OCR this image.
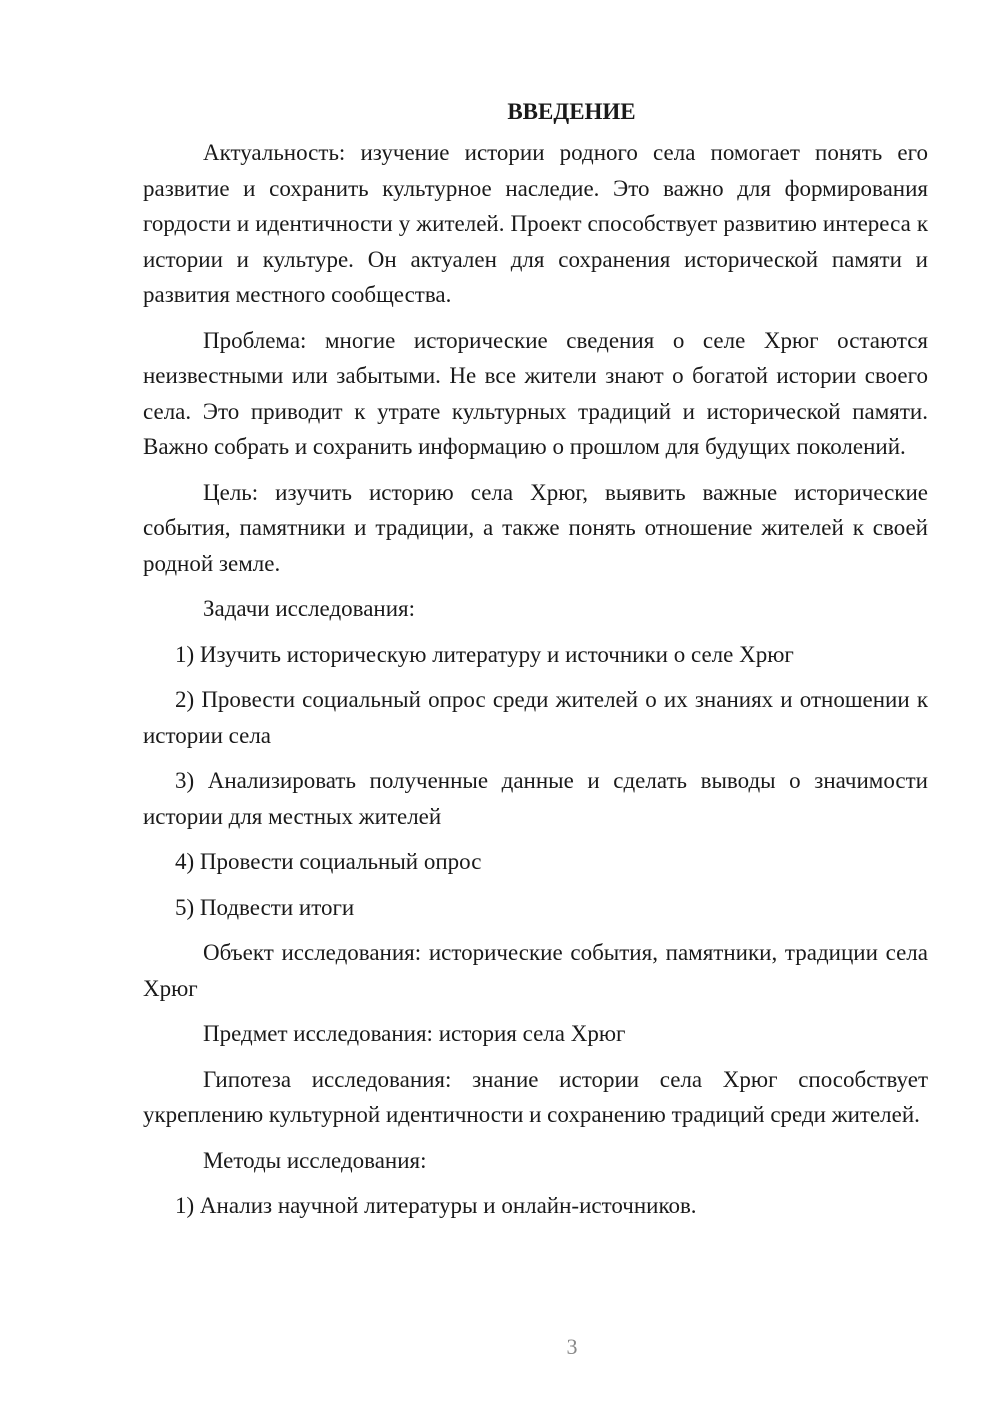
ВВЕДЕНИЕ

Актуальность: изучение истории родного села помогает понять его развитие и сохранить культурное наследие. Это важно для формирования гордости и идентичности у жителей. Проект способствует развитию интереса к истории и культуре. Он актуален для сохранения исторической памяти и развития местного сообщества.

Проблема: многие исторические сведения о селе Хрюг остаются неизвестными или забытыми. Не все жители знают о богатой истории своего села. Это приводит к утрате культурных традиций и исторической памяти. Важно собрать и сохранить информацию о прошлом для будущих поколений.

Цель: изучить историю села Хрюг, выявить важные исторические события, памятники и традиции, а также понять отношение жителей к своей родной земле.

Задачи исследования:

1) Изучить историческую литературу и источники о селе Хрюг

2) Провести социальный опрос среди жителей о их знаниях и отношении к истории села

3) Анализировать полученные данные и сделать выводы о значимости истории для местных жителей

4) Провести социальный опрос

5) Подвести итоги

Объект исследования: исторические события, памятники, традиции села Хрюг

Предмет исследования: история села Хрюг

Гипотеза исследования: знание истории села Хрюг способствует укреплению культурной идентичности и сохранению традиций среди жителей.

Методы исследования:

1) Анализ научной литературы и онлайн-источников.

3
